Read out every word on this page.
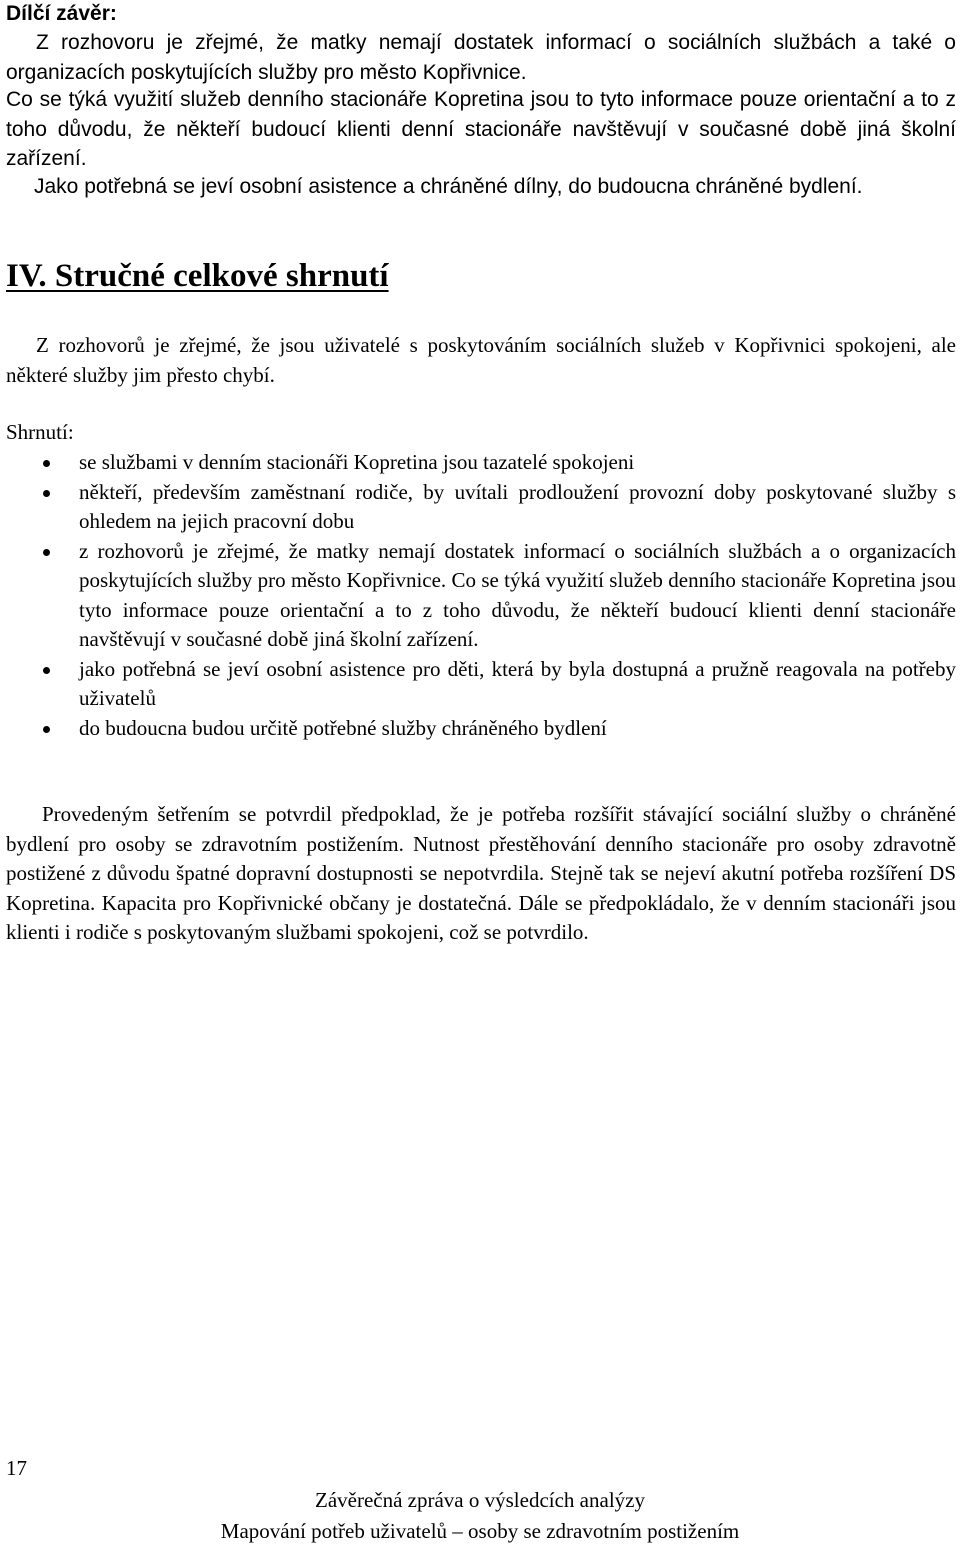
Dílčí závěr:
Z rozhovoru je zřejmé, že matky nemají dostatek informací o sociálních službách a také o organizacích poskytujících služby pro město Kopřivnice.
Co se týká využití služeb denního stacionáře Kopretina jsou to tyto informace pouze orientační a to z toho důvodu, že někteří budoucí klienti denní stacionáře navštěvují v současné době jiná školní zařízení.
Jako potřebná se jeví osobní asistence a chráněné dílny, do budoucna chráněné bydlení.
IV. Stručné celkové shrnutí
Z rozhovorů je zřejmé, že jsou uživatelé s poskytováním sociálních služeb v Kopřivnici spokojeni, ale některé služby jim přesto chybí.
Shrnutí:
se službami v denním stacionáři Kopretina jsou tazatelé spokojeni
někteří, především zaměstnaní rodiče, by uvítali prodloužení provozní doby poskytované služby s ohledem na jejich pracovní dobu
z rozhovorů je zřejmé, že matky nemají dostatek informací o sociálních službách a o organizacích poskytujících služby pro město Kopřivnice. Co se týká využití služeb denního stacionáře Kopretina jsou tyto informace pouze orientační a to z toho důvodu, že někteří budoucí klienti denní stacionáře navštěvují v současné době jiná školní zařízení.
jako potřebná se jeví osobní asistence pro děti, která by byla dostupná a pružně reagovala na potřeby uživatelů
do budoucna budou určitě potřebné služby chráněného bydlení
Provedeným šetřením se potvrdil předpoklad, že je potřeba rozšířit stávající sociální služby o chráněné bydlení pro osoby se zdravotním postižením. Nutnost přestěhování denního stacionáře pro osoby zdravotně postižené z důvodu špatné dopravní dostupnosti se nepotvrdila. Stejně tak se nejeví akutní potřeba rozšíření DS Kopretina. Kapacita pro Kopřivnické občany je dostatečná. Dále se předpokládalo, že v denním stacionáři jsou klienti i rodiče s poskytovaným službami spokojeni, což se potvrdilo.
17
Závěrečná zpráva o výsledcích analýzy
Mapování potřeb uživatelů – osoby se zdravotním postižením
